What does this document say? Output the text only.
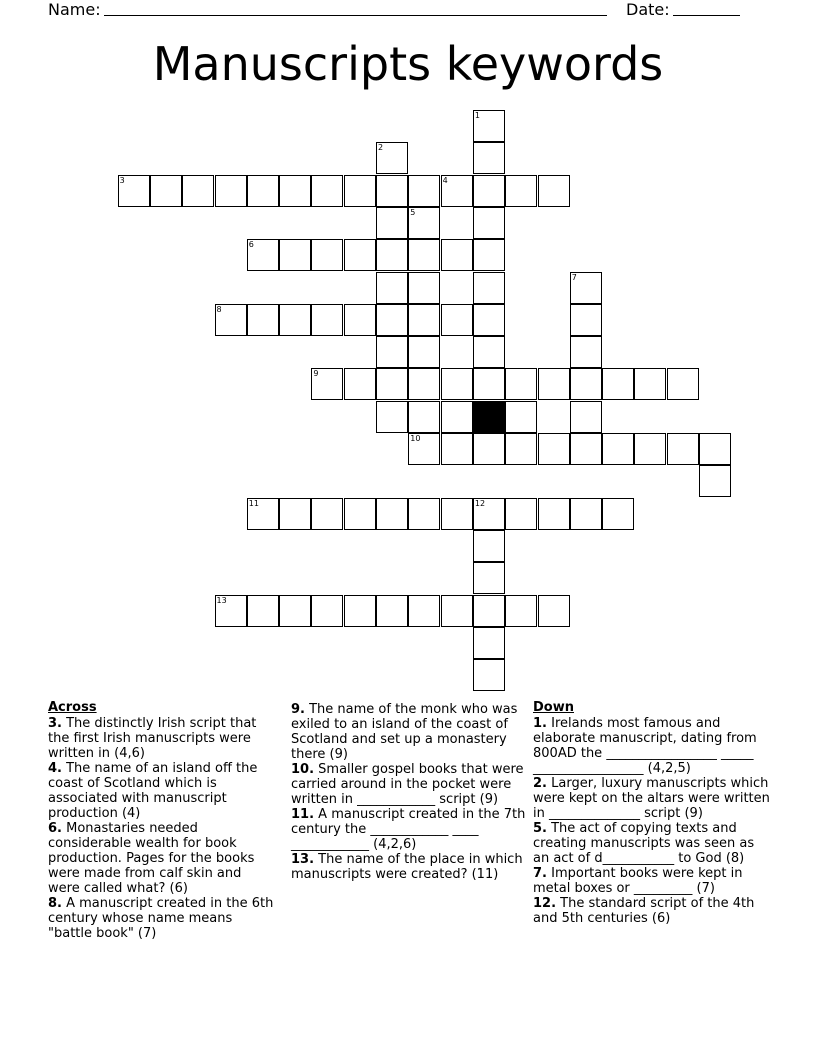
Name:	Date:
Manuscripts keywords
1
2
3	4
5
6
7
8
9
10
11	12
13
Across

3. The distinctly Irish script that the first Irish manuscripts were written in (4,6)

4. The name of an island off the coast of Scotland which is associated with manuscript production (4)

6. Monastaries needed considerable wealth for book production. Pages for the books were made from calf skin and were called what? (6)

8. A manuscript created in the 6th century whose name means "battle book" (7)

9. The name of the monk who was exiled to an island of the coast of Scotland and set up a monastery there (9)

10. Smaller gospel books that were carried around in the pocket were written in ____________ script (9)

11. A manuscript created in the 7th century the ____________ ____ ____________ (4,2,6)

13. The name of the place in which manuscripts were created? (11)

Down

1. Irelands most famous and elaborate manuscript, dating from 800AD the _________________ _____ _________________ (4,2,5)

2. Larger, luxury manuscripts which were kept on the altars were written in ______________ script (9)

5. The act of copying texts and creating manuscripts was seen as an act of d___________ to God (8)

7. Important books were kept in metal boxes or _________ (7)

12. The standard script of the 4th and 5th centuries (6)
